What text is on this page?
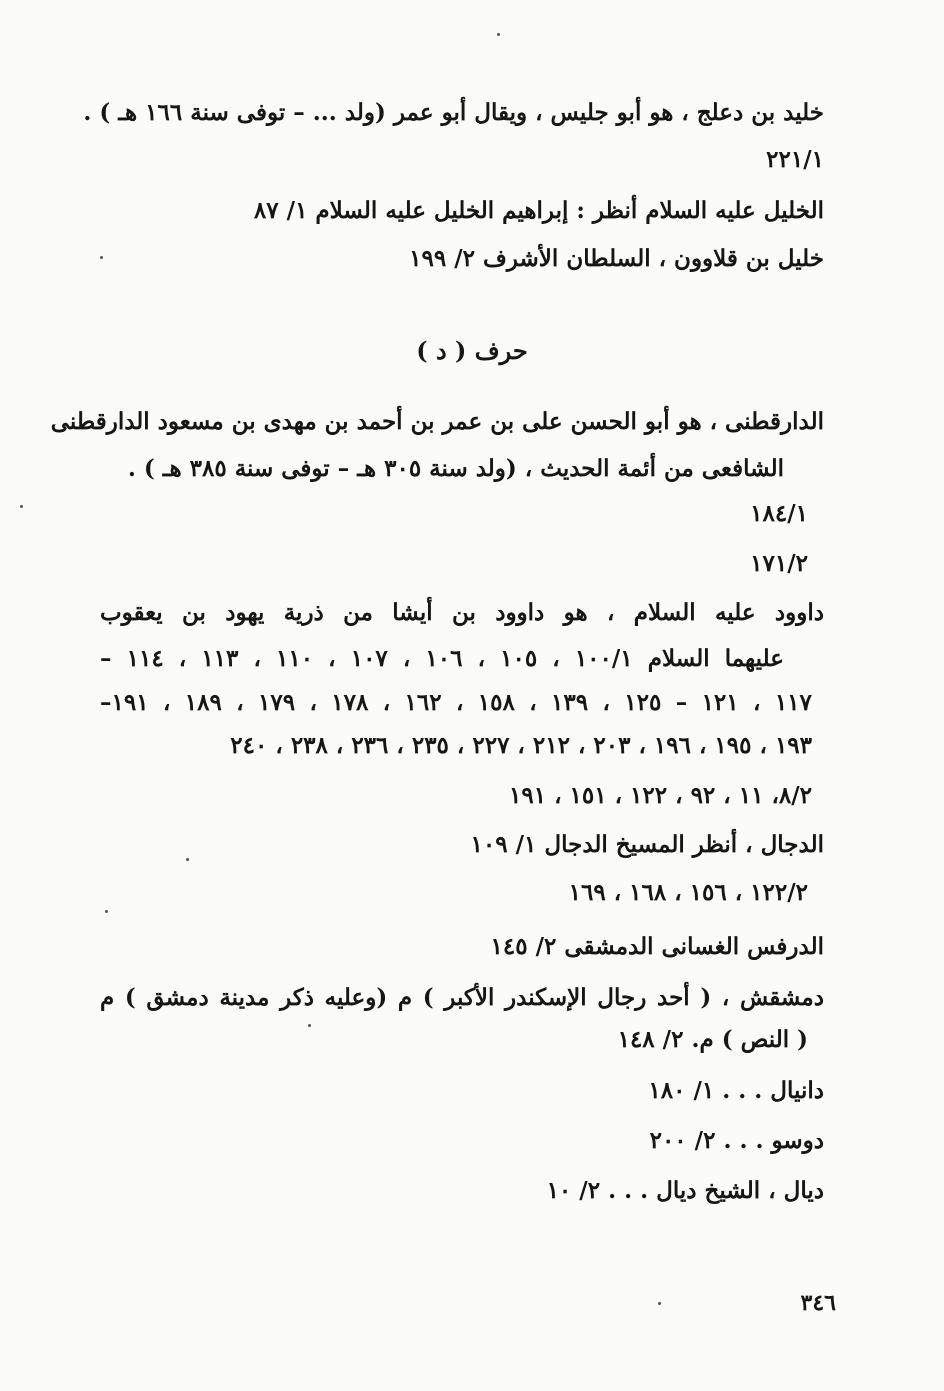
خليد بن دعلج ، هو أبو جليس ، ويقال أبو عمر (ولد ... – توفى سنة ١٦٦ هـ ) .
٢٢١/١
الخليل عليه السلام أنظر : إبراهيم الخليل عليه السلام ١/ ٨٧
خليل بن قلاوون ، السلطان الأشرف ٢/ ١٩٩
حرف ( د )
الدارقطنى ، هو أبو الحسن على بن عمر بن أحمد بن مهدى بن مسعود الدارقطنى
الشافعى من أئمة الحديث ، (ولد سنة ٣٠٥ هـ – توفى سنة ٣٨٥ هـ ) .
١٨٤/١
١٧١/٢
داوود عليه السلام ، هو داوود بن أيشا من ذرية يهود بن يعقوب
عليهما السلام ١٠٠/١ ، ١٠٥ ، ١٠٦ ، ١٠٧ ، ١١٠ ، ١١٣ ، ١١٤ –
١١٧ ، ١٢١ – ١٢٥ ، ١٣٩ ، ١٥٨ ، ١٦٢ ، ١٧٨ ، ١٧٩ ، ١٨٩ ، ١٩١–
١٩٣ ، ١٩٥ ، ١٩٦ ، ٢٠٣ ، ٢١٢ ، ٢٢٧ ، ٢٣٥ ، ٢٣٦ ، ٢٣٨ ، ٢٤٠
٨/٢، ١١ ، ٩٢ ، ١٢٢ ، ١٥١ ، ١٩١
الدجال ، أنظر المسيخ الدجال ١/ ١٠٩
١٢٢/٢ ، ١٥٦ ، ١٦٨ ، ١٦٩
الدرفس الغسانى الدمشقى ٢/ ١٤٥
دمشقش ، ( أحد رجال الإسكندر الأكبر ) م (وعليه ذكر مدينة دمشق ) م
( النص ) م. ٢/ ١٤٨
دانيال . . . ١/ ١٨٠
دوسو . . . ٢/ ٢٠٠
ديال ، الشيخ ديال . . . ٢/ ١٠
٣٤٦
